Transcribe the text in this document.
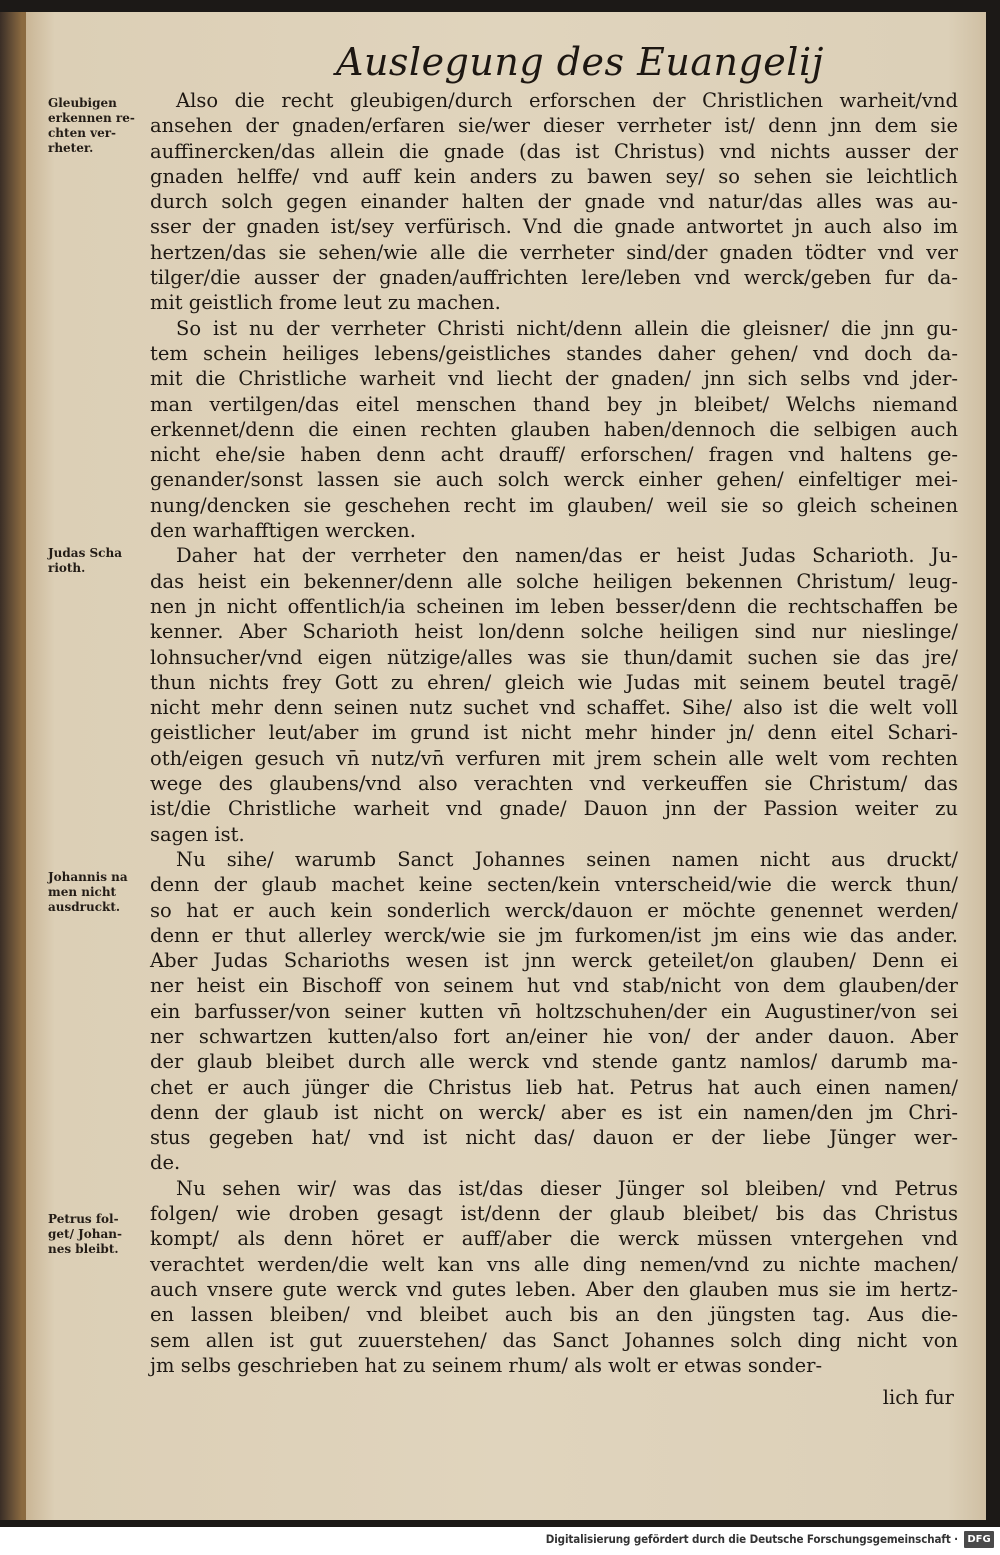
Auslegung des Euangelij
Gleubigen
erkennen re-
chten ver-
rheter.
Judas Scha
rioth.
Johannis na
men nicht
ausdruckt.
Petrus fol-
get/ Johan-
nes bleibt.

Also die recht gleubigen/durch erforschen der Christlichen warheit/vnd
ansehen der gnaden/erfaren sie/wer dieser verrheter ist/ denn jnn dem sie
auffinercken/das allein die gnade (das ist Christus) vnd nichts ausser der
gnaden helffe/ vnd auff kein anders zu bawen sey/ so sehen sie leichtlich
durch solch gegen einander halten der gnade vnd natur/das alles was au-
sser der gnaden ist/sey verfürisch. Vnd die gnade antwortet jn auch also im
hertzen/das sie sehen/wie alle die verrheter sind/der gnaden tödter vnd ver
tilger/die ausser der gnaden/auffrichten lere/leben vnd werck/geben fur da-
mit geistlich frome leut zu machen.

So ist nu der verrheter Christi nicht/denn allein die gleisner/ die jnn gu-
tem schein heiliges lebens/geistliches standes daher gehen/ vnd doch da-
mit die Christliche warheit vnd liecht der gnaden/ jnn sich selbs vnd jder-
man vertilgen/das eitel menschen thand bey jn bleibet/ Welchs niemand
erkennet/denn die einen rechten glauben haben/dennoch die selbigen auch
nicht ehe/sie haben denn acht drauff/ erforschen/ fragen vnd haltens ge-
genander/sonst lassen sie auch solch werck einher gehen/ einfeltiger mei-
nung/dencken sie geschehen recht im glauben/ weil sie so gleich scheinen
den warhafftigen wercken.

Daher hat der verrheter den namen/das er heist Judas Scharioth. Ju-
das heist ein bekenner/denn alle solche heiligen bekennen Christum/ leug-
nen jn nicht offentlich/ia scheinen im leben besser/denn die rechtschaffen be
kenner. Aber Scharioth heist lon/denn solche heiligen sind nur nieslinge/
lohnsucher/vnd eigen nützige/alles was sie thun/damit suchen sie das jre/
thun nichts frey Gott zu ehren/ gleich wie Judas mit seinem beutel tragē/
nicht mehr denn seinen nutz suchet vnd schaffet. Sihe/ also ist die welt voll
geistlicher leut/aber im grund ist nicht mehr hinder jn/ denn eitel Schari-
oth/eigen gesuch vn̄ nutz/vn̄ verfuren mit jrem schein alle welt vom rechten
wege des glaubens/vnd also verachten vnd verkeuffen sie Christum/ das
ist/die Christliche warheit vnd gnade/ Dauon jnn der Passion weiter zu
sagen ist.

Nu sihe/ warumb Sanct Johannes seinen namen nicht aus druckt/
denn der glaub machet keine secten/kein vnterscheid/wie die werck thun/
so hat er auch kein sonderlich werck/dauon er möchte genennet werden/
denn er thut allerley werck/wie sie jm furkomen/ist jm eins wie das ander.
Aber Judas Scharioths wesen ist jnn werck geteilet/on glauben/ Denn ei
ner heist ein Bischoff von seinem hut vnd stab/nicht von dem glauben/der
ein barfusser/von seiner kutten vn̄ holtzschuhen/der ein Augustiner/von sei
ner schwartzen kutten/also fort an/einer hie von/ der ander dauon. Aber
der glaub bleibet durch alle werck vnd stende gantz namlos/ darumb ma-
chet er auch jünger die Christus lieb hat. Petrus hat auch einen namen/
denn der glaub ist nicht on werck/ aber es ist ein namen/den jm Chri-
stus gegeben hat/ vnd ist nicht das/ dauon er der liebe Jünger wer-
de.

Nu sehen wir/ was das ist/das dieser Jünger sol bleiben/ vnd Petrus
folgen/ wie droben gesagt ist/denn der glaub bleibet/ bis das Christus
kompt/ als denn höret er auff/aber die werck müssen vntergehen vnd
verachtet werden/die welt kan vns alle ding nemen/vnd zu nichte machen/
auch vnsere gute werck vnd gutes leben. Aber den glauben mus sie im hertz-
en lassen bleiben/ vnd bleibet auch bis an den jüngsten tag. Aus die-
sem allen ist gut zuuerstehen/ das Sanct Johannes solch ding nicht von
jm selbs geschrieben hat zu seinem rhum/ als wolt er etwas sonder-

lich fur
Digitalisierung gefördert durch die Deutsche Forschungsgemeinschaft · DFG
